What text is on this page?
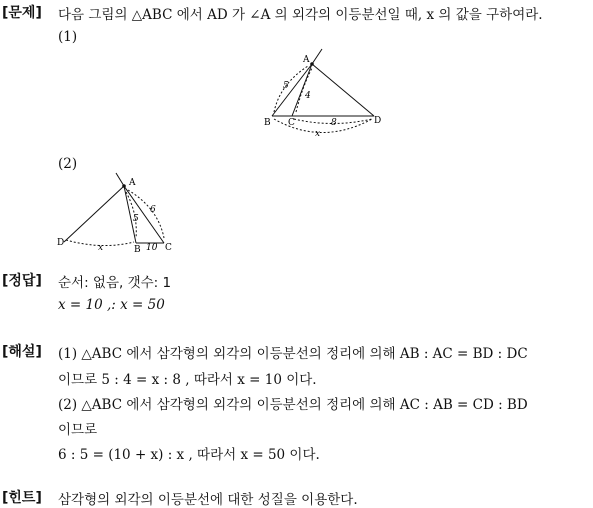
[문제] 다음 그림의 △ABC 에서 AD 가 ∠A 의 외각의 이등분선일 때, x 의 값을 구하여라.
(1)
A
B C	D
5
4
8
x
(2)
A
B	C
D
6
5
10
x
[정답] 순서: 없음, 갯수: 1
x = 10 ,: x = 50
[해설] (1) △ABC 에서 삼각형의 외각의 이등분선의 정리에 의해 AB : AC = BD : DC
이므로 5 : 4 = x : 8 , 따라서 x = 10 이다.
(2) △ABC 에서 삼각형의 외각의 이등분선의 정리에 의해 AC : AB = CD : BD
이므로
6 : 5 = (10 + x) : x , 따라서 x = 50 이다.
[힌트] 삼각형의 외각의 이등분선에 대한 성질을 이용한다.
